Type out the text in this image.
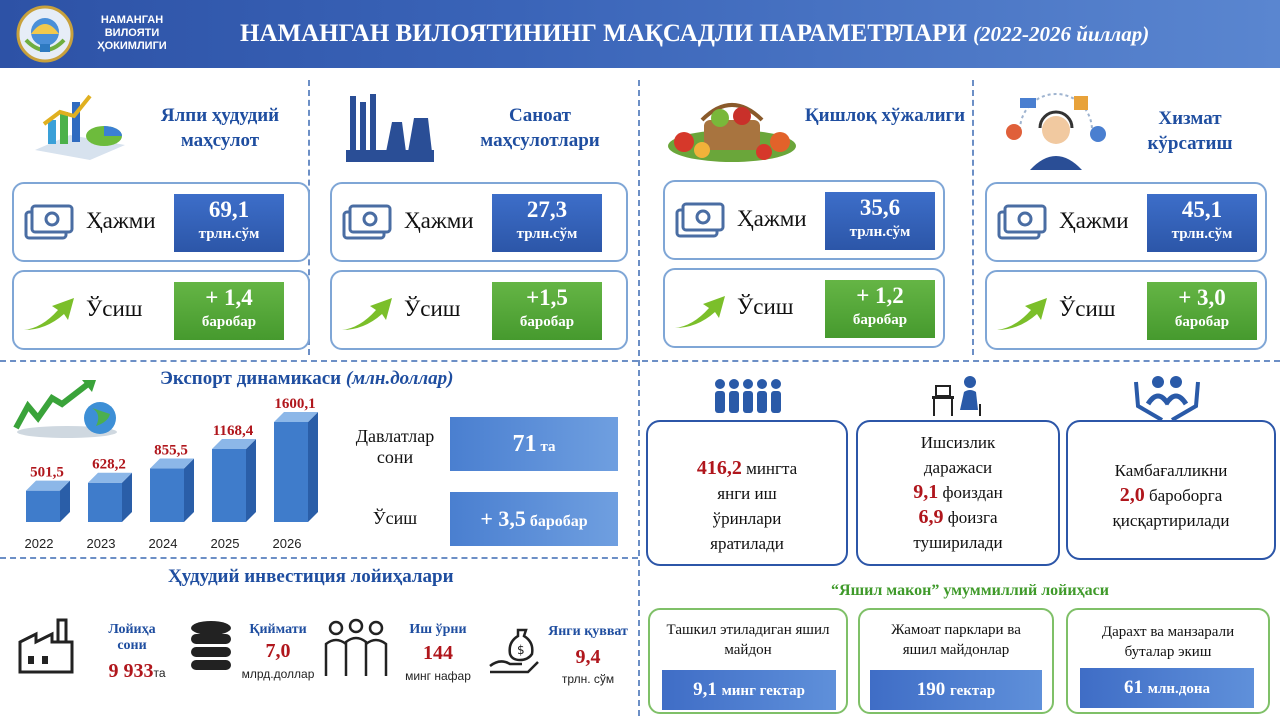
НАМАНГАН ВИЛОЯТИ ҲОКИМЛИГИ	НАМАНГАН ВИЛОЯТИНИНГ МАҚСАДЛИ ПАРАМЕТРЛАРИ (2022-2026 йиллар)
Ялпи ҳудудий маҳсулот
Ҳажми	69,1
трлн.сўм
Ўсиш	+ 1,4
баробар
Саноат маҳсулотлари
Ҳажми	27,3
трлн.сўм
Ўсиш	+1,5
баробар
Қишлоқ хўжалиги
Ҳажми	35,6
трлн.сўм
Ўсиш	+ 1,2
баробар
Хизмат кўрсатиш
Ҳажми	45,1
трлн.сўм
Ўсиш	+ 3,0
баробар
Экспорт динамикаси (млн.доллар)
501,5
2022
628,2
2023
855,5
2024
1168,4
2025
1600,1
2026
Давлатлар сони	71 та
Ўсиш	+ 3,5 баробар
Ҳудудий инвестиция лойиҳалари
Лойиҳа сони
9 933та
Қиймати
7,0
млрд.доллар
Иш ўрни
144
минг нафар
$
Янги қувват
9,4
трлн. сўм
416,2 мингта
янги иш
ўринлари
яратилади
Ишсизлик
даражаси
9,1 фоиздан
6,9 фоизга
туширилади
Камбағалликни
2,0 бароборга
қисқартирилади
“Яшил макон” умуммиллий лойиҳаси
Ташкил этиладиган яшил майдон
9,1 минг гектар
Жамоат парклари ва яшил майдонлар
190 гектар
Дарахт ва манзарали буталар экиш
61 млн.дона
